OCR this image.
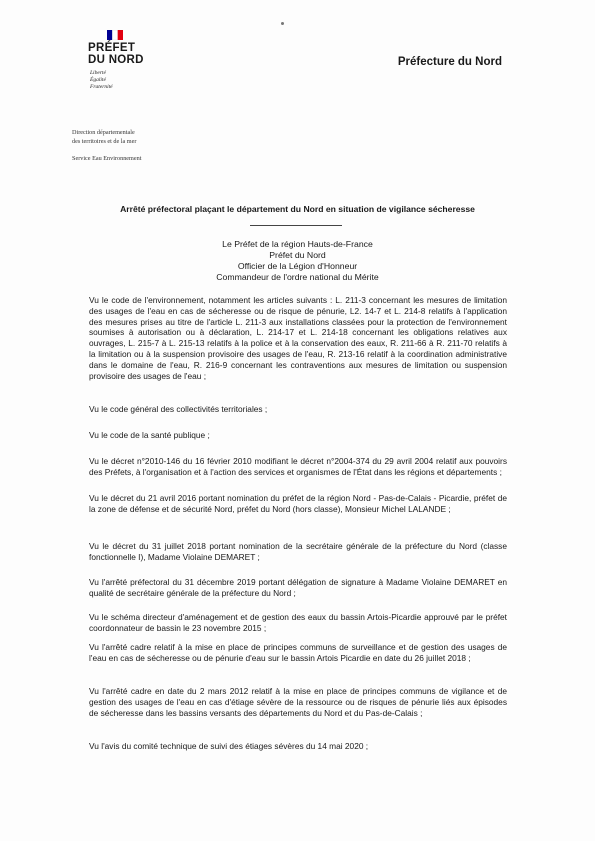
PRÉFET
DU NORD
Liberté
Égalité
Fraternité
Préfecture du Nord
Direction départementale
des territoires et de la mer
Service Eau Environnement
Arrêté préfectoral plaçant le département du Nord en situation de vigilance sécheresse
Le Préfet de la région Hauts-de-France
Préfet du Nord
Officier de la Légion d'Honneur
Commandeur de l'ordre national du Mérite
Vu le code de l'environnement, notamment les articles suivants : L. 211-3 concernant les mesures de limitation des usages de l'eau en cas de sécheresse ou de risque de pénurie, L2. 14-7 et L. 214-8 relatifs à l'application des mesures prises au titre de l'article L. 211-3 aux installations classées pour la protection de l'environnement soumises à autorisation ou à déclaration, L. 214-17 et L. 214-18 concernant les obligations relatives aux ouvrages, L. 215-7 à L. 215-13 relatifs à la police et à la conservation des eaux, R. 211-66 à R. 211-70 relatifs à la limitation ou à la suspension provisoire des usages de l'eau, R. 213-16 relatif à la coordination administrative dans le domaine de l'eau, R. 216-9 concernant les contraventions aux mesures de limitation ou suspension provisoire des usages de l'eau ;
Vu le code général des collectivités territoriales ;
Vu le code de la santé publique ;
Vu le décret n°2010-146 du 16 février 2010 modifiant le décret n°2004-374 du 29 avril 2004 relatif aux pouvoirs des Préfets, à l'organisation et à l'action des services et organismes de l'État dans les régions et départements ;
Vu le décret du 21 avril 2016 portant nomination du préfet de la région Nord - Pas-de-Calais - Picardie, préfet de la zone de défense et de sécurité Nord, préfet du Nord (hors classe), Monsieur Michel LALANDE ;
Vu le décret du 31 juillet 2018 portant nomination de la secrétaire générale de la préfecture du Nord (classe fonctionnelle I), Madame Violaine DEMARET ;
Vu l'arrêté préfectoral du 31 décembre 2019 portant délégation de signature à Madame Violaine DEMARET en qualité de secrétaire générale de la préfecture du Nord ;
Vu le schéma directeur d'aménagement et de gestion des eaux du bassin Artois-Picardie approuvé par le préfet coordonnateur de bassin le 23 novembre 2015 ;
Vu l'arrêté cadre relatif à la mise en place de principes communs de surveillance et de gestion des usages de l'eau en cas de sécheresse ou de pénurie d'eau sur le bassin Artois Picardie en date du 26 juillet 2018 ;
Vu l'arrêté cadre en date du 2 mars 2012 relatif à la mise en place de principes communs de vigilance et de gestion des usages de l'eau en cas d'étiage sévère de la ressource ou de risques de pénurie liés aux épisodes de sécheresse dans les bassins versants des départements du Nord et du Pas-de-Calais ;
Vu l'avis du comité technique de suivi des étiages sévères du 14 mai 2020 ;
